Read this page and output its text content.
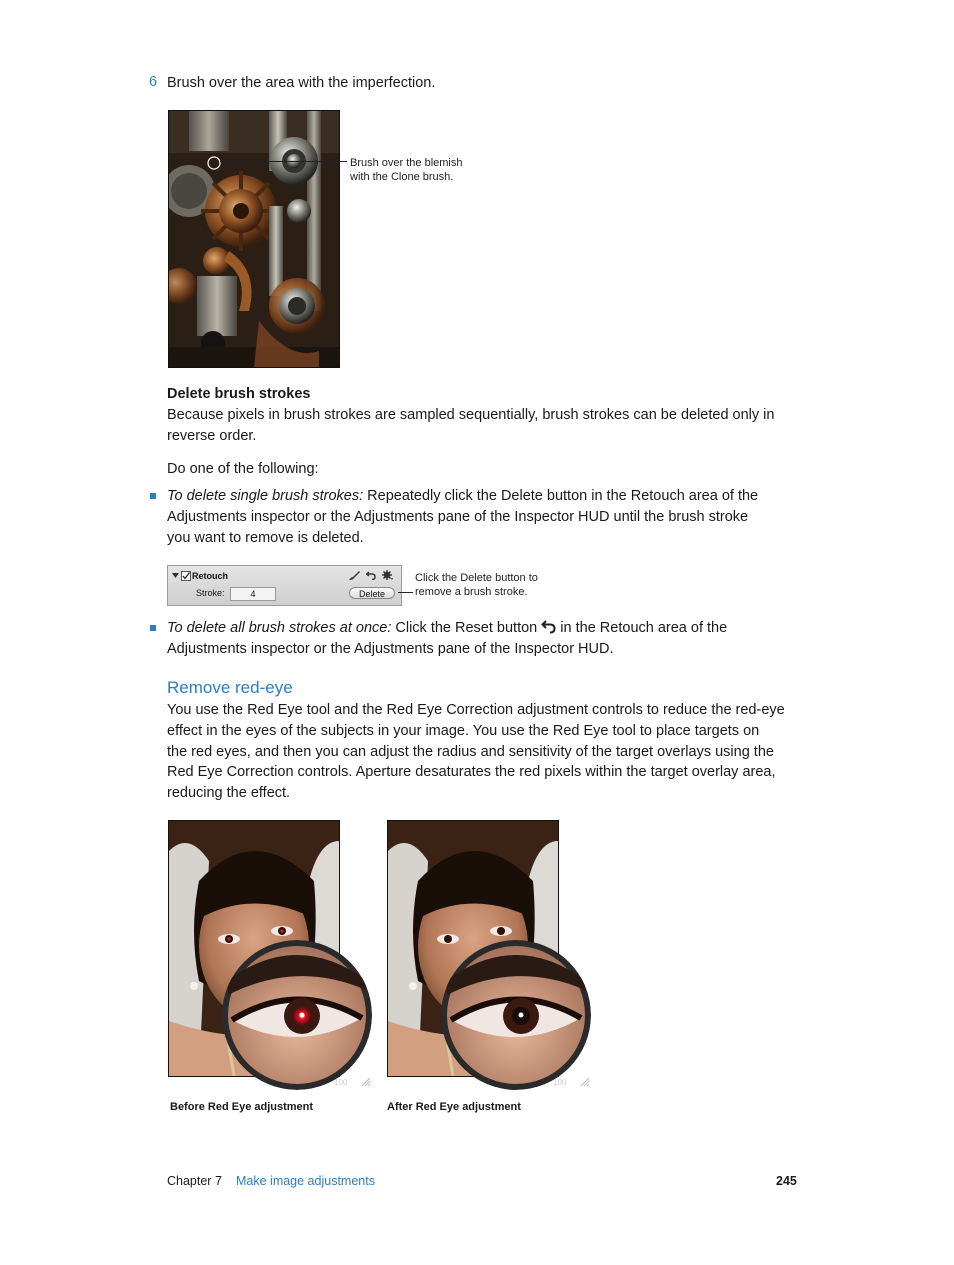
6 Brush over the area with the imperfection.
Brush over the blemish
with the Clone brush.
Delete brush strokes
Because pixels in brush strokes are sampled sequentially, brush strokes can be deleted only in
reverse order.
Do one of the following:
To delete single brush strokes: Repeatedly click the Delete button in the Retouch area of the
Adjustments inspector or the Adjustments pane of the Inspector HUD until the brush stroke
you want to remove is deleted.
Retouch
Stroke:	4	Delete
Click the Delete button to
remove a brush stroke.
To delete all brush strokes at once: Click the Reset button  in the Retouch area of the
Adjustments inspector or the Adjustments pane of the Inspector HUD.
Remove red-eye
You use the Red Eye tool and the Red Eye Correction adjustment controls to reduce the red-eye
effect in the eyes of the subjects in your image. You use the Red Eye tool to place targets on
the red eyes, and then you can adjust the radius and sensitivity of the target overlays using the
Red Eye Correction controls. Aperture desaturates the red pixels within the target overlay area,
reducing the effect.
100	100
Before Red Eye adjustment	After Red Eye adjustment
Chapter 7 Make image adjustments	245
